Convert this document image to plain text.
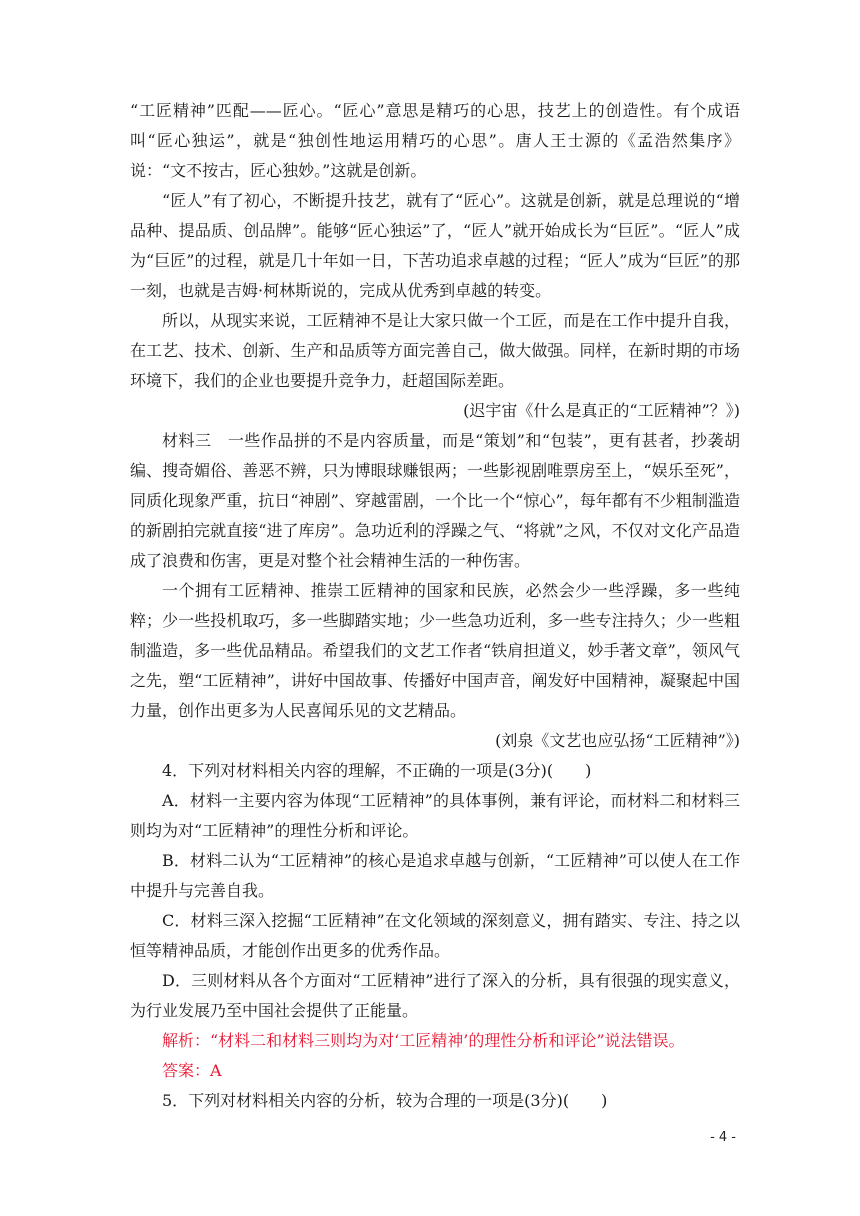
“工匠精神”匹配——匠心。“匠心”意思是精巧的心思，技艺上的创造性。有个成语叫“匠心独运”，就是“独创性地运用精巧的心思”。唐人王士源的《孟浩然集序》说：“文不按古，匠心独妙。”这就是创新。

“匠人”有了初心，不断提升技艺，就有了“匠心”。这就是创新，就是总理说的“增品种、提品质、创品牌”。能够“匠心独运”了，“匠人”就开始成长为“巨匠”。“匠人”成为“巨匠”的过程，就是几十年如一日，下苦功追求卓越的过程；“匠人”成为“巨匠”的那一刻，也就是吉姆·柯林斯说的，完成从优秀到卓越的转变。

所以，从现实来说，工匠精神不是让大家只做一个工匠，而是在工作中提升自我，在工艺、技术、创新、生产和品质等方面完善自己，做大做强。同样，在新时期的市场环境下，我们的企业也要提升竞争力，赶超国际差距。

(迟宇宙《什么是真正的“工匠精神”？》)

材料三　一些作品拼的不是内容质量，而是“策划”和“包装”，更有甚者，抄袭胡编、搜奇媚俗、善恶不辨，只为博眼球赚银两；一些影视剧唯票房至上，“娱乐至死”，同质化现象严重，抗日“神剧”、穿越雷剧，一个比一个“惊心”，每年都有不少粗制滥造的新剧拍完就直接“进了库房”。急功近利的浮躁之气、“将就”之风，不仅对文化产品造成了浪费和伤害，更是对整个社会精神生活的一种伤害。

一个拥有工匠精神、推崇工匠精神的国家和民族，必然会少一些浮躁，多一些纯粹；少一些投机取巧，多一些脚踏实地；少一些急功近利，多一些专注持久；少一些粗制滥造，多一些优品精品。希望我们的文艺工作者“铁肩担道义，妙手著文章”，领风气之先，塑“工匠精神”，讲好中国故事、传播好中国声音，阐发好中国精神，凝聚起中国力量，创作出更多为人民喜闻乐见的文艺精品。

(刘泉《文艺也应弘扬“工匠精神”》)

4．下列对材料相关内容的理解，不正确的一项是(3分)(　　)

A．材料一主要内容为体现“工匠精神”的具体事例，兼有评论，而材料二和材料三则均为对“工匠精神”的理性分析和评论。

B．材料二认为“工匠精神”的核心是追求卓越与创新，“工匠精神”可以使人在工作中提升与完善自我。

C．材料三深入挖掘“工匠精神”在文化领域的深刻意义，拥有踏实、专注、持之以恒等精神品质，才能创作出更多的优秀作品。

D．三则材料从各个方面对“工匠精神”进行了深入的分析，具有很强的现实意义，为行业发展乃至中国社会提供了正能量。

解析：“材料二和材料三则均为对‘工匠精神’的理性分析和评论”说法错误。

答案：A

5．下列对材料相关内容的分析，较为合理的一项是(3分)(　　)

- 4 -
